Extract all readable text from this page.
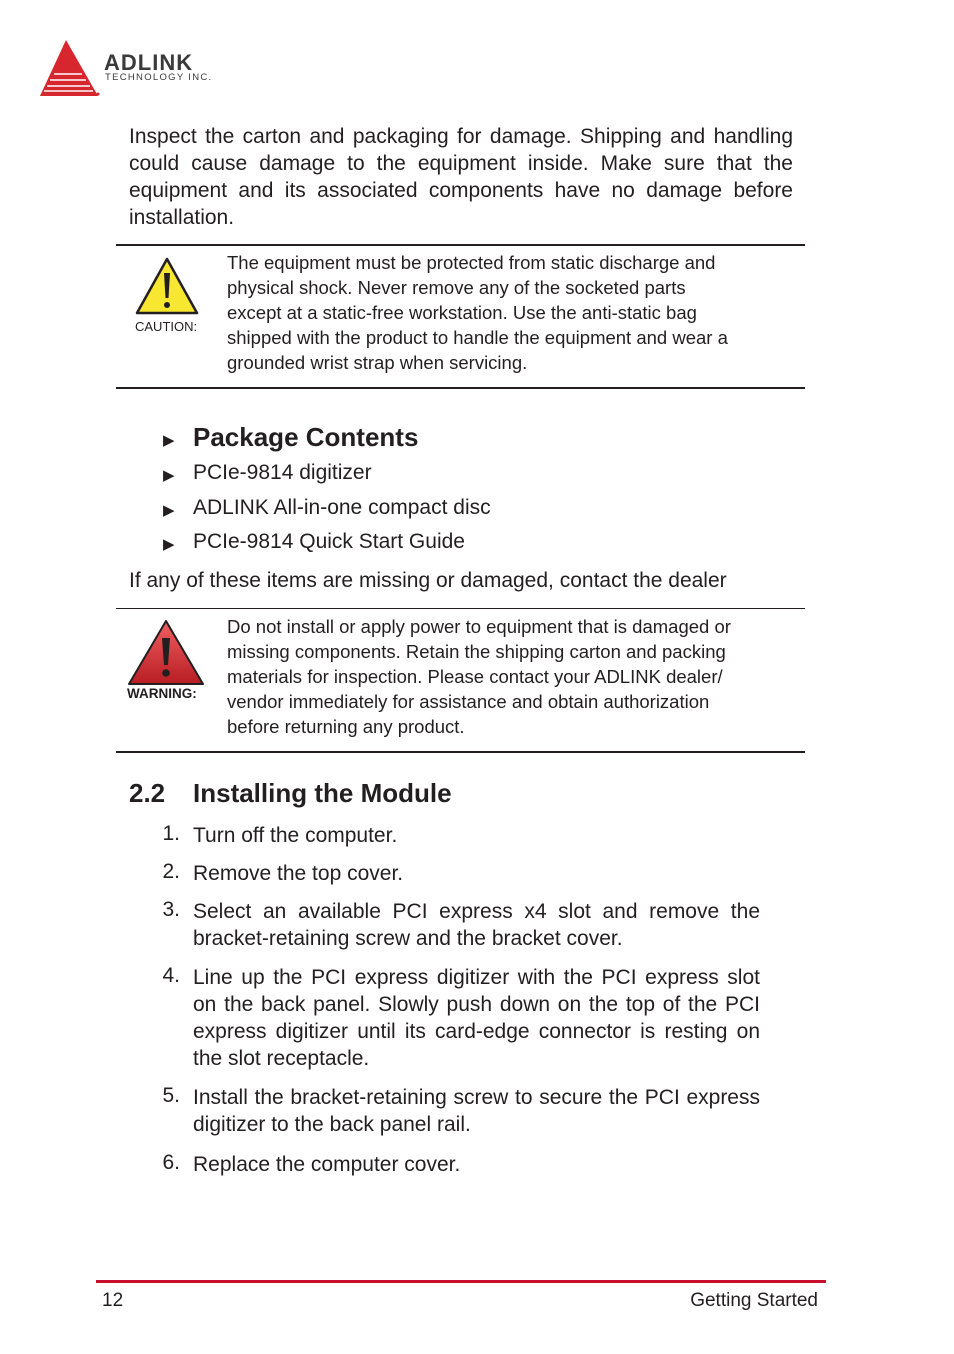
ADLINK
TECHNOLOGY INC.
Inspect the carton and packaging for damage. Shipping and handling could cause damage to the equipment inside. Make sure that the equipment and its associated components have no damage before installation.
CAUTION:
The equipment must be protected from static discharge and
physical shock. Never remove any of the socketed parts
except at a static-free workstation. Use the anti-static bag
shipped with the product to handle the equipment and wear a
grounded wrist strap when servicing.
▶ Package Contents
▶ PCIe-9814 digitizer
▶ ADLINK All-in-one compact disc
▶ PCIe-9814 Quick Start Guide
If any of these items are missing or damaged, contact the dealer
WARNING:
Do not install or apply power to equipment that is damaged or
missing components. Retain the shipping carton and packing
materials for inspection. Please contact your ADLINK dealer/
vendor immediately for assistance and obtain authorization
before returning any product.
2.2 Installing the Module
1. Turn off the computer.
2. Remove the top cover.
3. Select an available PCI express x4 slot and remove the bracket-retaining screw and the bracket cover.
4. Line up the PCI express digitizer with the PCI express slot on the back panel. Slowly push down on the top of the PCI express digitizer until its card-edge connector is resting on the slot receptacle.
5. Install the bracket-retaining screw to secure the PCI express digitizer to the back panel rail.
6. Replace the computer cover.
12	Getting Started
